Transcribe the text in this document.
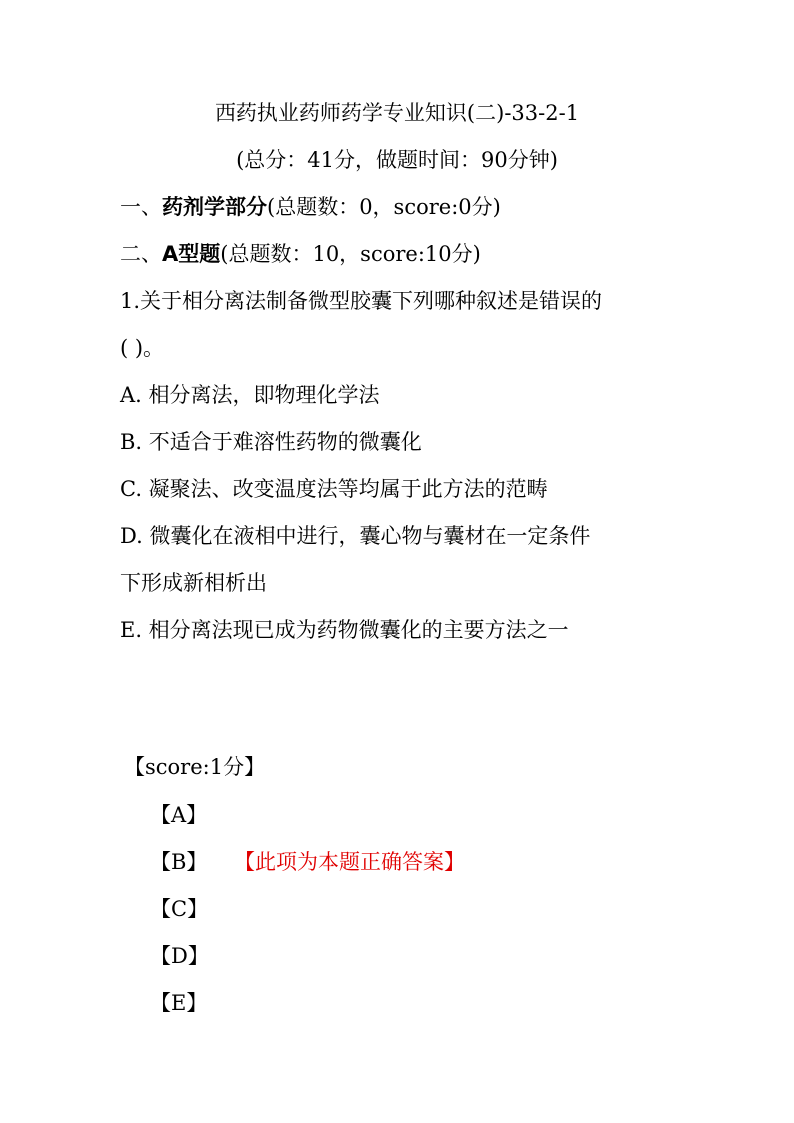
西药执业药师药学专业知识(二)-33-2-1
(总分：41分，做题时间：90分钟)
一、药剂学部分(总题数：0，score:0分)
二、A型题(总题数：10，score:10分)
1.关于相分离法制备微型胶囊下列哪种叙述是错误的
( )。
A. 相分离法，即物理化学法
B. 不适合于难溶性药物的微囊化
C. 凝聚法、改变温度法等均属于此方法的范畴
D. 微囊化在液相中进行，囊心物与囊材在一定条件
下形成新相析出
E. 相分离法现已成为药物微囊化的主要方法之一
【score:1分】
【A】
【B】 【此项为本题正确答案】
【C】
【D】
【E】
